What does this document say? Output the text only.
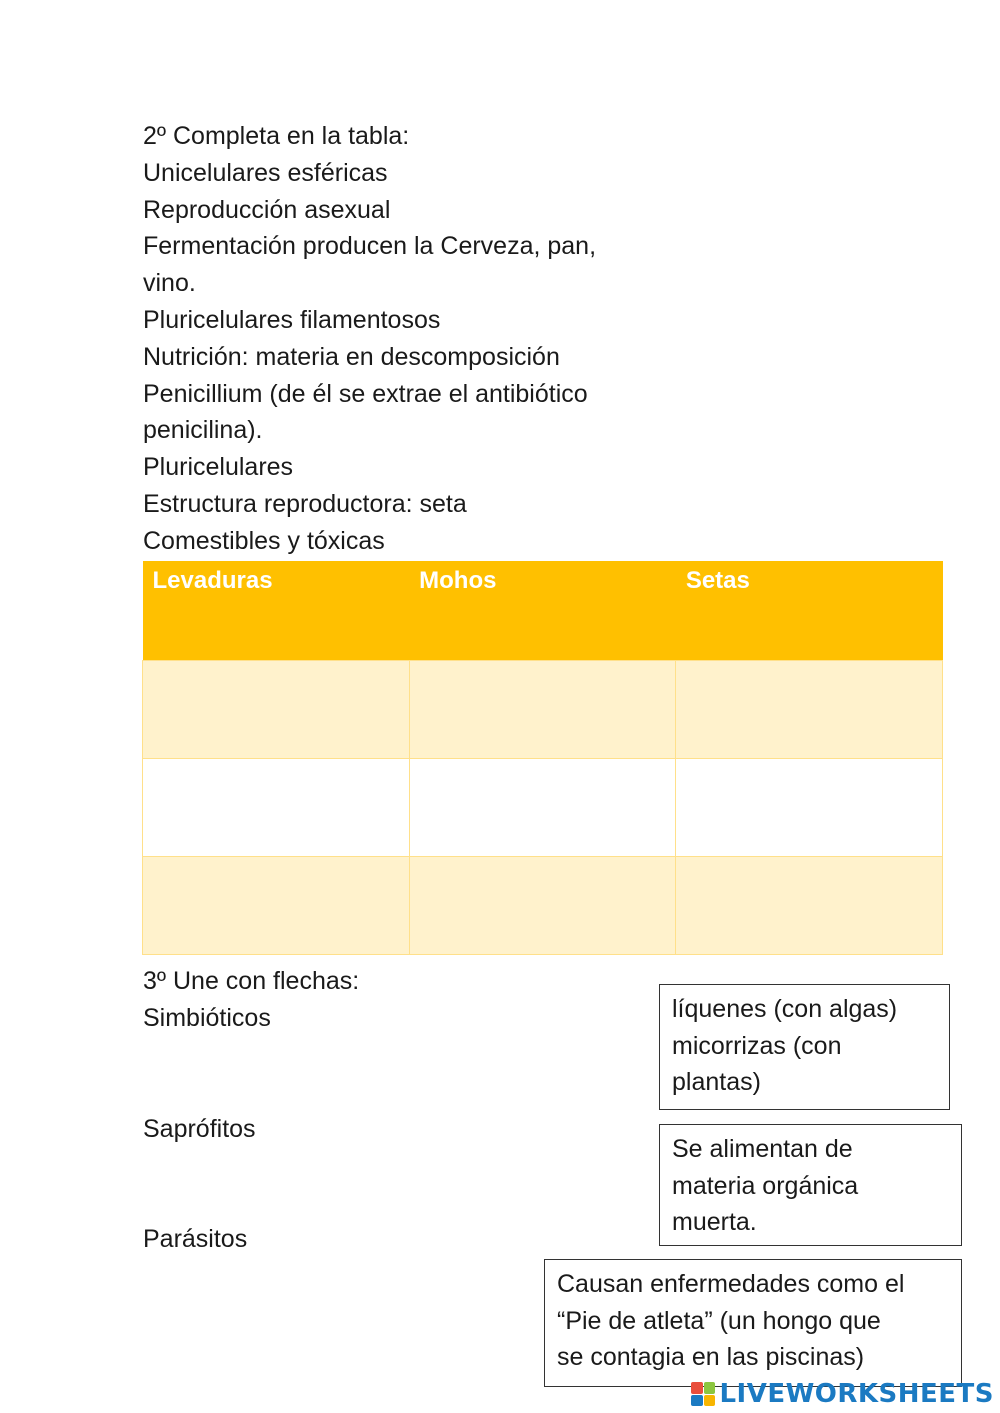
2º Completa en la tabla:
Unicelulares esféricas
Reproducción asexual
Fermentación producen la Cerveza, pan,
vino.
Pluricelulares filamentosos
Nutrición: materia en descomposición
Penicillium (de él se extrae el antibiótico
penicilina).
Pluricelulares
Estructura reproductora: seta
Comestibles y tóxicas
Levaduras	Mohos	Setas

3º Une con flechas:
Simbióticos
Saprófitos
Parásitos
líquenes (con algas)
micorrizas (con
plantas)
Se alimentan de
materia orgánica
muerta.
Causan enfermedades como el
“Pie de atleta” (un hongo que
se contagia en las piscinas)
LIVEWORKSHEETS
